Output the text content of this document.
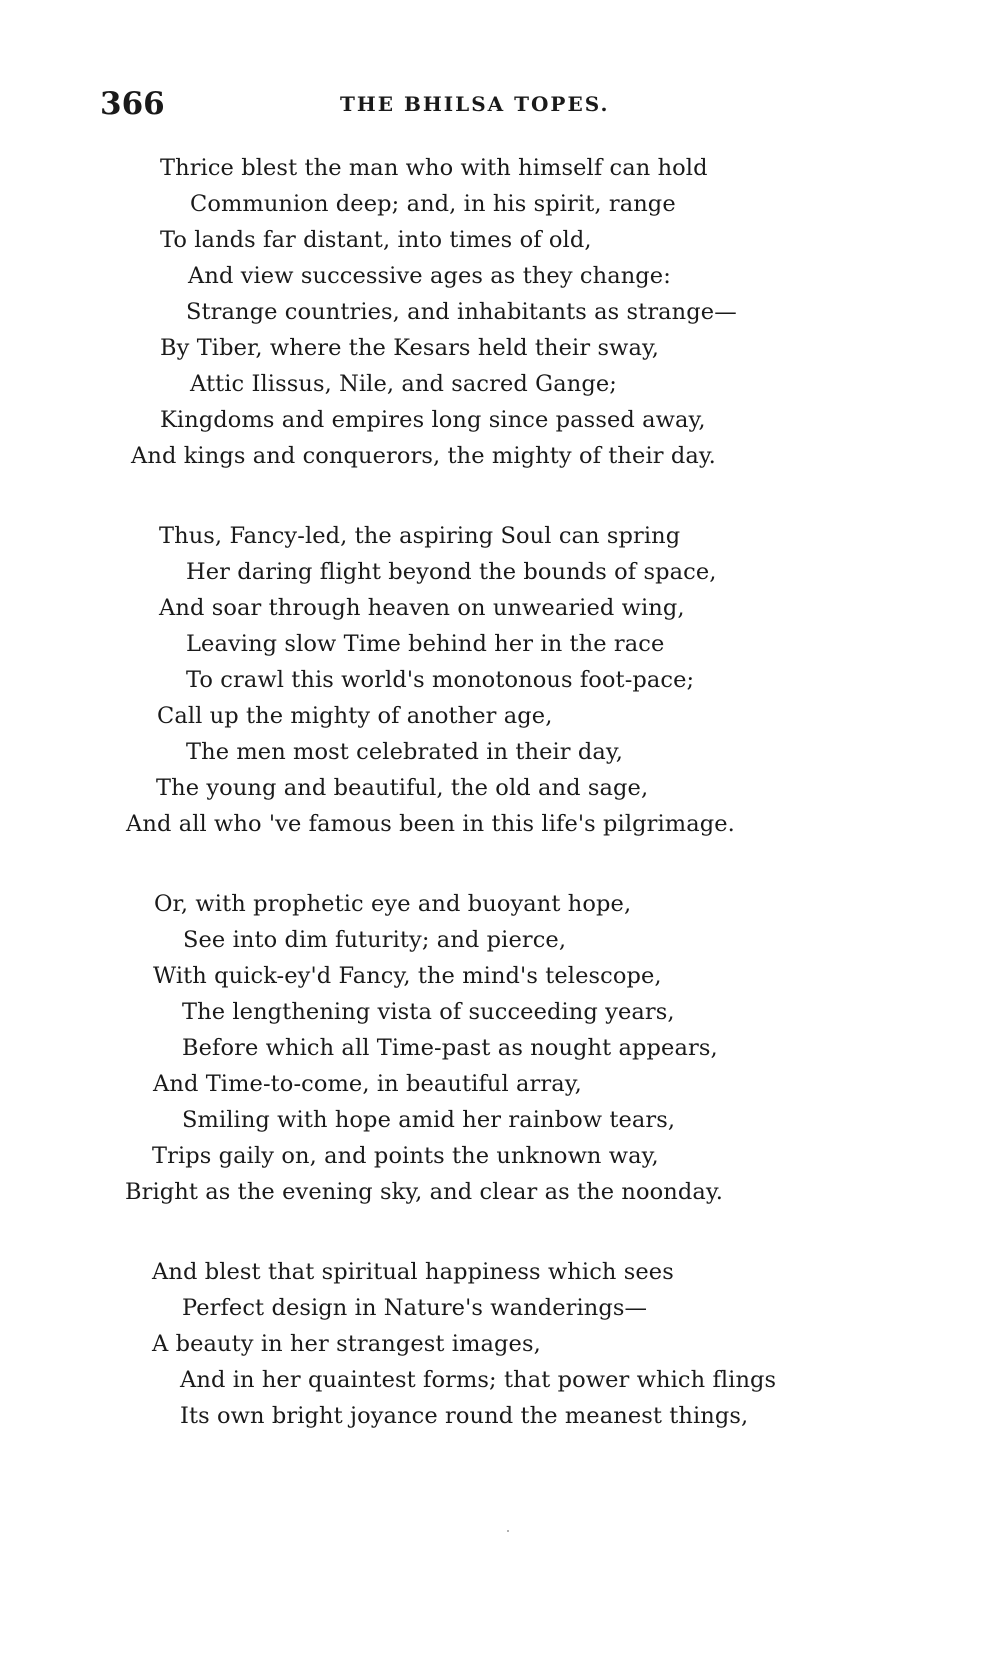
366	THE BHILSA TOPES.
Thrice blest the man who with himself can hold
Communion deep; and, in his spirit, range
To lands far distant, into times of old,
And view successive ages as they change:
Strange countries, and inhabitants as strange—
By Tiber, where the Kesars held their sway,
Attic Ilissus, Nile, and sacred Gange;
Kingdoms and empires long since passed away,
And kings and conquerors, the mighty of their day.
Thus, Fancy-led, the aspiring Soul can spring
Her daring flight beyond the bounds of space,
And soar through heaven on unwearied wing,
Leaving slow Time behind her in the race
To crawl this world's monotonous foot-pace;
Call up the mighty of another age,
The men most celebrated in their day,
The young and beautiful, the old and sage,
And all who 've famous been in this life's pilgrimage.
Or, with prophetic eye and buoyant hope,
See into dim futurity; and pierce,
With quick-ey'd Fancy, the mind's telescope,
The lengthening vista of succeeding years,
Before which all Time-past as nought appears,
And Time-to-come, in beautiful array,
Smiling with hope amid her rainbow tears,
Trips gaily on, and points the unknown way,
Bright as the evening sky, and clear as the noonday.
And blest that spiritual happiness which sees
Perfect design in Nature's wanderings—
A beauty in her strangest images,
And in her quaintest forms; that power which flings
Its own bright joyance round the meanest things,
